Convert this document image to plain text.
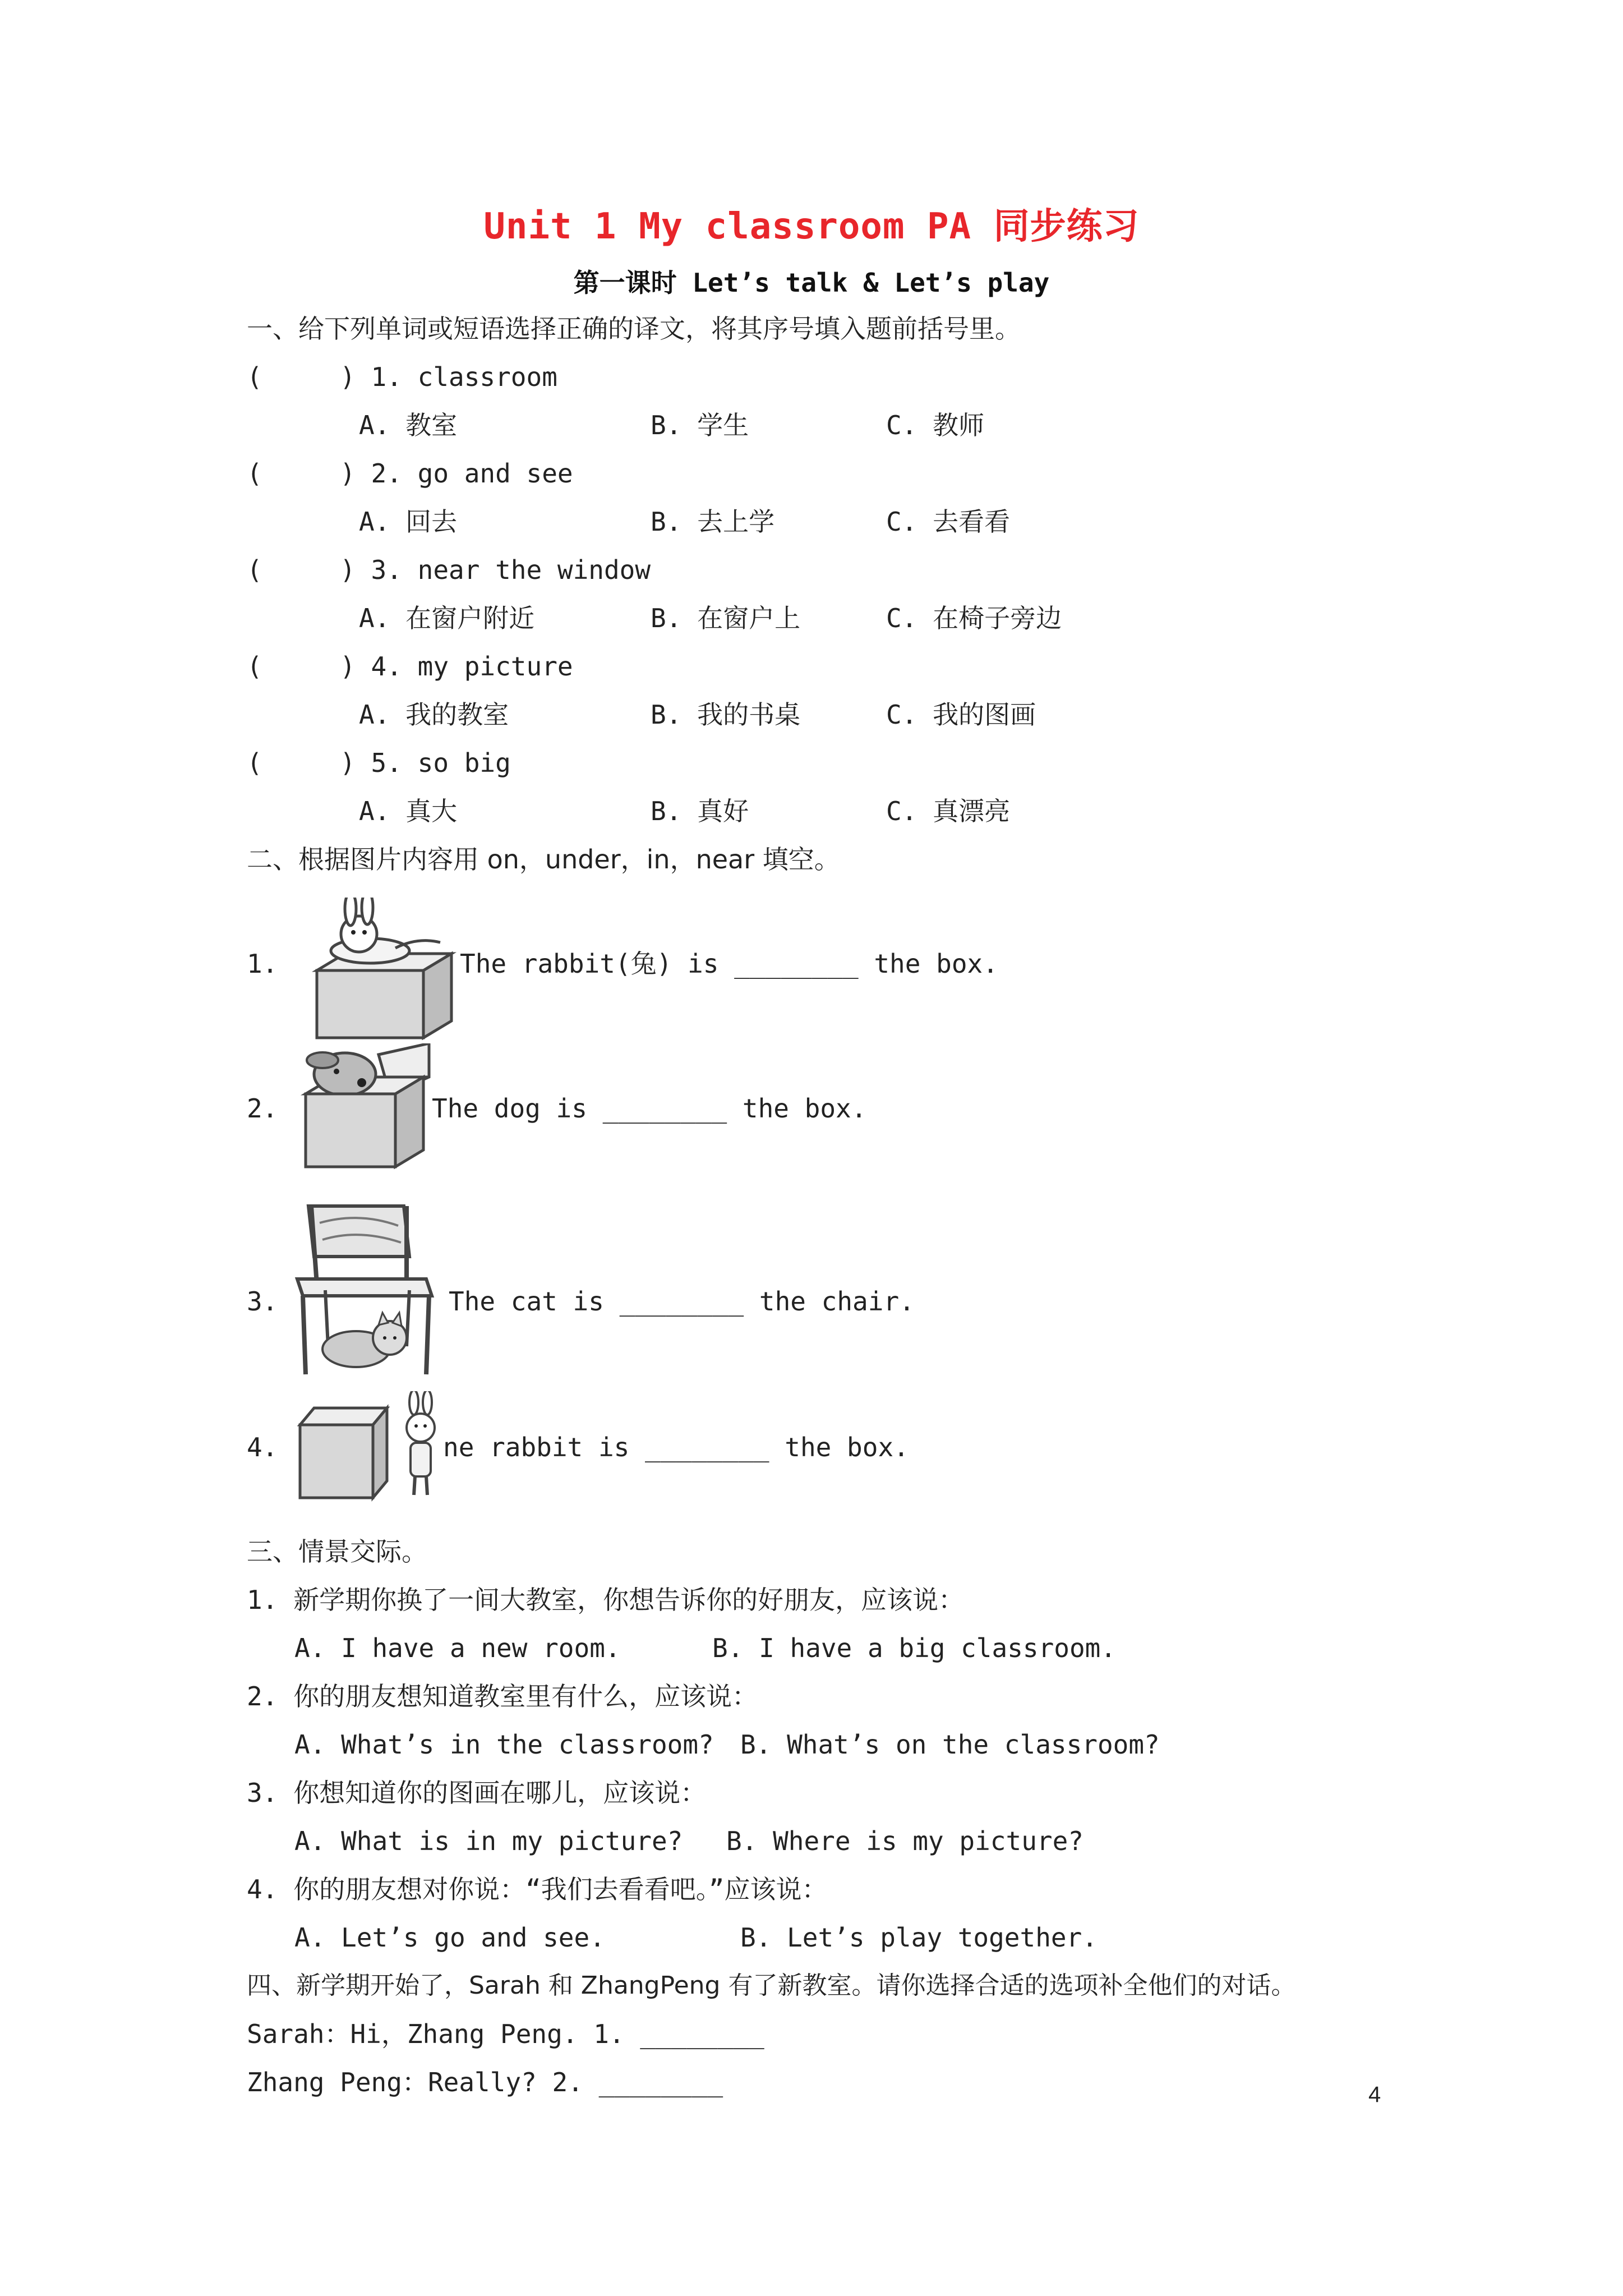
Unit 1 My classroom PA 同步练习
第一课时 Let’s talk & Let’s play
一、给下列单词或短语选择正确的译文，将其序号填入题前括号里。
(     ) 1. classroom
A. 教室	B. 学生	C. 教师
(     ) 2. go and see
A. 回去	B. 去上学	C. 去看看
(     ) 3. near the window
A. 在窗户附近	B. 在窗户上	C. 在椅子旁边
(     ) 4. my picture
A. 我的教室	B. 我的书桌	C. 我的图画
(     ) 5. so big
A. 真大	B. 真好	C. 真漂亮
二、根据图片内容用 on，under，in，near 填空。
1.	The rabbit(兔) is ________ the box.
2.	The dog is ________ the box.
3.	The cat is ________ the chair.
4.	ne rabbit is ________ the box.
三、情景交际。
1. 新学期你换了一间大教室，你想告诉你的好朋友，应该说：
A. I have a new room.	B. I have a big classroom.
2. 你的朋友想知道教室里有什么，应该说：
A. What’s in the classroom? B. What’s on the classroom?
3. 你想知道你的图画在哪儿，应该说：
A. What is in my picture? B. Where is my picture?
4. 你的朋友想对你说：“我们去看看吧。”应该说：
A. Let’s go and see.	B. Let’s play together.
四、新学期开始了，Sarah 和 ZhangPeng 有了新教室。请你选择合适的选项补全他们的对话。
Sarah：Hi，Zhang Peng. 1. ________
Zhang Peng：Really? 2. ________	4
